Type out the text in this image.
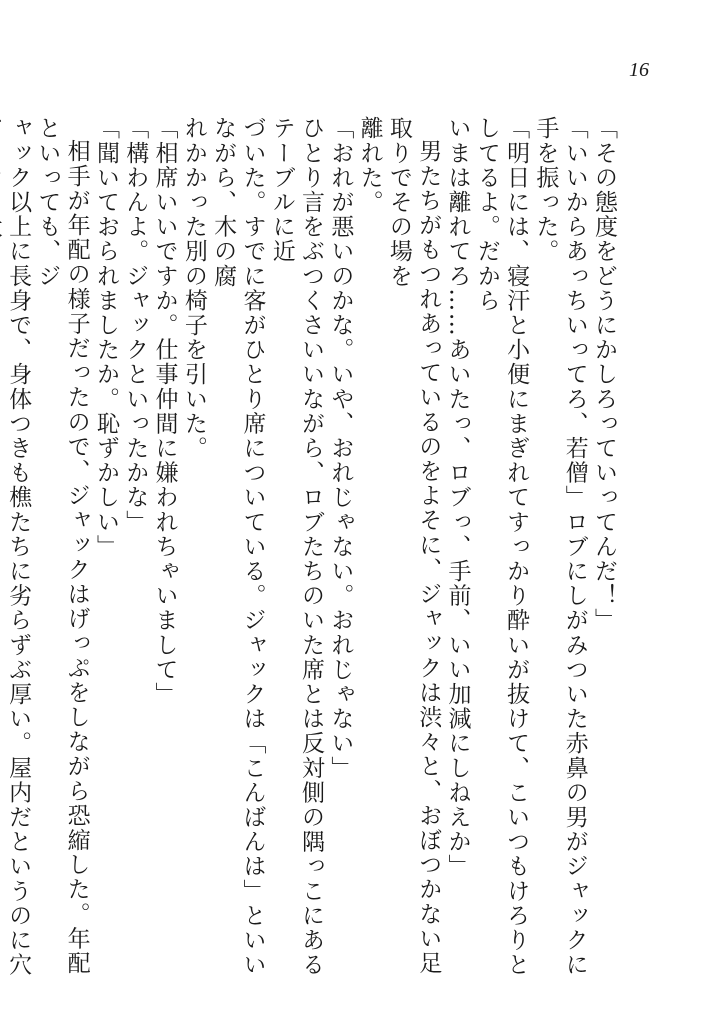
16

「その態度をどうにかしろっていってんだ！」

「いいからあっちいってろ、若僧」ロブにしがみついた赤鼻の男がジャックに手を振った。

「明日には、寝汗と小便にまぎれてすっかり酔いが抜けて、こいつもけろりとしてるよ。だから

いまは離れてろ……あいたっ、ロブっ、手前、いい加減にしねえか」

男たちがもつれあっているのをよそに、ジャックは渋々と、おぼつかない足取りでその場を

離れた。

「おれが悪いのかな。いや、おれじゃない。おれじゃない」

ひとり言をぶつくさいいながら、ロブたちのいた席とは反対側の隅っこにあるテーブルに近

づいた。すでに客がひとり席についている。ジャックは「こんばんは」といいながら、木の腐

れかかった別の椅子を引いた。

「相席いいですか。仕事仲間に嫌われちゃいまして」

「構わんよ。ジャックといったかな」

「聞いておられましたか。恥ずかしい」

相手が年配の様子だったので、ジャックはげっぷをしながら恐縮した。年配といっても、ジ

ャック以上に長身で、身体つきも樵たちに劣らずぶ厚い。屋内だというのに穴
